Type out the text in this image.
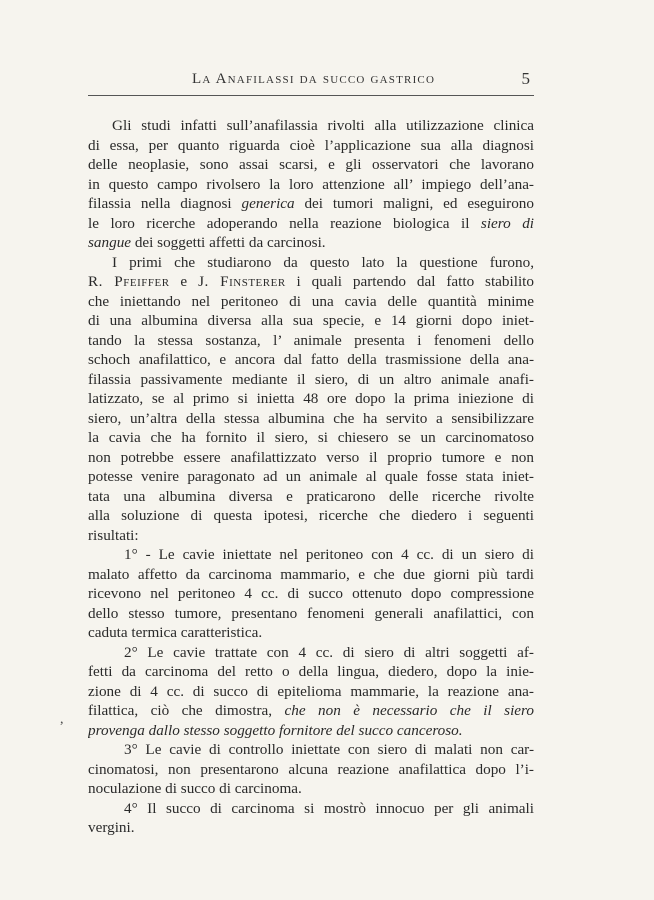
La Anafilassi da succo gastrico	5
,
Gli studi infatti sull’anafilassia rivolti alla utilizzazione clinica
di essa, per quanto riguarda cioè l’applicazione sua alla diagnosi
delle neoplasie, sono assai scarsi, e gli osservatori che lavorano
in questo campo rivolsero la loro attenzione all’ impiego dell’ana-
filassia nella diagnosi generica dei tumori maligni, ed eseguirono
le loro ricerche adoperando nella reazione biologica il siero di
sangue dei soggetti affetti da carcinosi.
I primi che studiarono da questo lato la questione furono,
R. Pfeiffer e J. Finsterer i quali partendo dal fatto stabilito
che iniettando nel peritoneo di una cavia delle quantità minime
di una albumina diversa alla sua specie, e 14 giorni dopo iniet-
tando la stessa sostanza, l’ animale presenta i fenomeni dello
schoch anafilattico, e ancora dal fatto della trasmissione della ana-
filassia passivamente mediante il siero, di un altro animale anafi-
latizzato, se al primo si inietta 48 ore dopo la prima iniezione di
siero, un’altra della stessa albumina che ha servito a sensibilizzare
la cavia che ha fornito il siero, si chiesero se un carcinomatoso
non potrebbe essere anafilattizzato verso il proprio tumore e non
potesse venire paragonato ad un animale al quale fosse stata iniet-
tata una albumina diversa e praticarono delle ricerche rivolte
alla soluzione di questa ipotesi, ricerche che diedero i seguenti
risultati:
1° - Le cavie iniettate nel peritoneo con 4 cc. di un siero di
malato affetto da carcinoma mammario, e che due giorni più tardi
ricevono nel peritoneo 4 cc. di succo ottenuto dopo compressione
dello stesso tumore, presentano fenomeni generali anafilattici, con
caduta termica caratteristica.
2° Le cavie trattate con 4 cc. di siero di altri soggetti af-
fetti da carcinoma del retto o della lingua, diedero, dopo la inie-
zione di 4 cc. di succo di epitelioma mammarie, la reazione ana-
filattica, ciò che dimostra, che non è necessario che il siero
provenga dallo stesso soggetto fornitore del succo canceroso.
3° Le cavie di controllo iniettate con siero di malati non car-
cinomatosi, non presentarono alcuna reazione anafilattica dopo l’i-
noculazione di succo di carcinoma.
4° Il succo di carcinoma si mostrò innocuo per gli animali
vergini.
